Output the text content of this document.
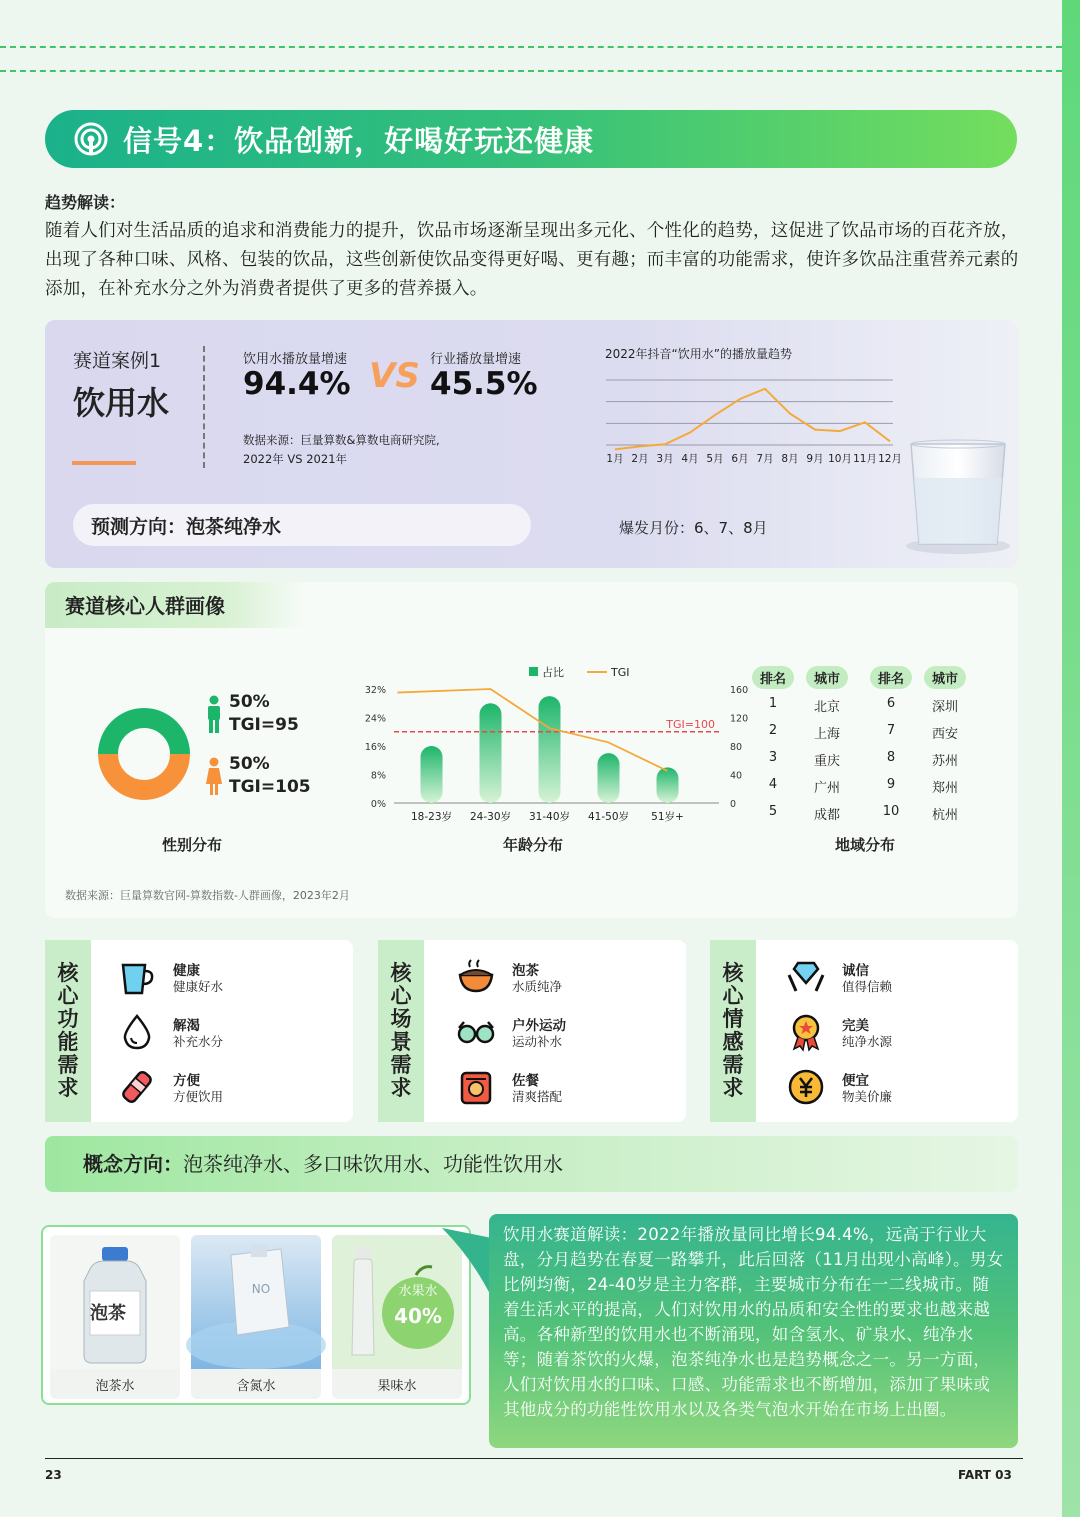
信号4：饮品创新，好喝好玩还健康
趋势解读：
随着人们对生活品质的追求和消费能力的提升，饮品市场逐渐呈现出多元化、个性化的趋势，这促进了饮品市场的百花齐放，出现了各种口味、风格、包装的饮品，这些创新使饮品变得更好喝、更有趣；而丰富的功能需求，使许多饮品注重营养元素的添加，在补充水分之外为消费者提供了更多的营养摄入。
赛道案例1
饮用水
饮用水播放量增速
94.4% VS 行业播放量增速
45.5%
数据来源：巨量算数&算数电商研究院,
2022年 VS 2021年
2022年抖音“饮用水”的播放量趋势
1月 2月 3月 4月 5月 6月 7月 8月 9月 10月 11月 12月
预测方向：泡茶纯净水	爆发月份：6、7、8月
赛道核心人群画像
50%
TGI=95
50%
TGI=105
性别分布
占比	TGI
32%
24%
16%
8%
0%
160
120
80
40
0
18-23岁 24-30岁 31-40岁 41-50岁 51岁+
TGI=100
年龄分布
排名	城市	排名	城市
1	北京	6	深圳
2	上海	7	西安
3	重庆	8	苏州
4	广州	9	郑州
5	成都	10	杭州
地域分布
数据来源：巨量算数官网-算数指数-人群画像，2023年2月
核
心
功
能
需
求
健康
健康好水
解渴
补充水分
方便
方便饮用
核
心
场
景
需
求
泡茶
水质纯净
户外运动
运动补水
佐餐
清爽搭配
核
心
情
感
需
求
诚信
值得信赖
完美
纯净水源
便宜
物美价廉
概念方向：泡茶纯净水、多口味饮用水、功能性饮用水
泡茶
泡茶水
NO
含氮水
水果水
40%
果味水
饮用水赛道解读：2022年播放量同比增长94.4%，远高于行业大盘，分月趋势在春夏一路攀升，此后回落（11月出现小高峰）。男女比例均衡，24-40岁是主力客群，主要城市分布在一二线城市。随着生活水平的提高，人们对饮用水的品质和安全性的要求也越来越高。各种新型的饮用水也不断涌现，如含氢水、矿泉水、纯净水等；随着茶饮的火爆，泡茶纯净水也是趋势概念之一。另一方面，人们对饮用水的口味、口感、功能需求也不断增加，添加了果味或其他成分的功能性饮用水以及各类气泡水开始在市场上出圈。
23	FART 03
